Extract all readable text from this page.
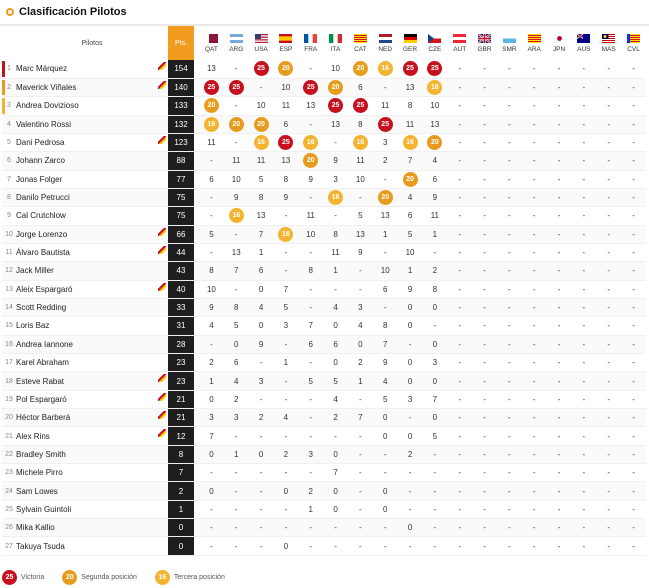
Clasificación Pilotos
	Pilotos	Pts.		QAT	ARG	USA	ESP	FRA	ITA	CAT	NED	GER	CZE	AUT	GBR	SMR	ARA	JPN	AUS	MAS	CVL

1	Marc Márquez	154		13	-	25	20	-	10	20	16	25	25	-	-	-	-	-	-	-	-
2	Maverick Viñales	140		25	25	-	10	25	20	6	-	13	16	-	-	-	-	-	-	-	-
3	Andrea Dovizioso	133		20	-	10	11	13	25	25	11	8	10	-	-	-	-	-	-	-	-
4	Valentino Rossi	132		16	20	20	6	-	13	8	25	11	13	-	-	-	-	-	-	-	-
5	Dani Pedrosa	123		11	-	16	25	16	-	16	3	16	20	-	-	-	-	-	-	-	-
6	Johann Zarco	88		-	11	11	13	20	9	11	2	7	4	-	-	-	-	-	-	-	-
7	Jonas Folger	77		6	10	5	8	9	3	10	-	20	6	-	-	-	-	-	-	-	-
8	Danilo Petrucci	75		-	9	8	9	-	16	-	20	4	9	-	-	-	-	-	-	-	-
9	Cal Crutchlow	75		-	16	13	-	11	-	5	13	6	11	-	-	-	-	-	-	-	-
10	Jorge Lorenzo	66		5	-	7	16	10	8	13	1	5	1	-	-	-	-	-	-	-	-
11	Álvaro Bautista	44		-	13	1	-	-	11	9	-	10	-	-	-	-	-	-	-	-	-
12	Jack Miller	43		8	7	6	-	8	1	-	10	1	2	-	-	-	-	-	-	-	-
13	Aleix Espargaró	40		10	-	0	7	-	-	-	6	9	8	-	-	-	-	-	-	-	-
14	Scott Redding	33		9	8	4	5	-	4	3	-	0	0	-	-	-	-	-	-	-	-
15	Loris Baz	31		4	5	0	3	7	0	4	8	0	-	-	-	-	-	-	-	-	-
16	Andrea Iannone	28		-	0	9	-	6	6	0	7	-	0	-	-	-	-	-	-	-	-
17	Karel Abraham	23		2	6	-	1	-	0	2	9	0	3	-	-	-	-	-	-	-	-
18	Esteve Rabat	23		1	4	3	-	5	5	1	4	0	0	-	-	-	-	-	-	-	-
19	Pol Espargaró	21		0	2	-	-	-	4	-	5	3	7	-	-	-	-	-	-	-	-
20	Héctor Barberá	21		3	3	2	4	-	2	7	0	-	0	-	-	-	-	-	-	-	-
21	Alex Rins	12		7	-	-	-	-	-	-	0	0	5	-	-	-	-	-	-	-	-
22	Bradley Smith	8		0	1	0	2	3	0	-	-	2	-	-	-	-	-	-	-	-	-
23	Michele Pirro	7		-	-	-	-	-	7	-	-	-	-	-	-	-	-	-	-	-	-
24	Sam Lowes	2		0	-	-	0	2	0	-	0	-	-	-	-	-	-	-	-	-	-
25	Sylvain Guintoli	1		-	-	-	-	1	0	-	0	-	-	-	-	-	-	-	-	-	-
26	Mika Kallio	0		-	-	-	-	-	-	-	-	0	-	-	-	-	-	-	-	-	-
27	Takuya Tsuda	0		-	-	-	0	-	-	-	-	-	-	-	-	-	-	-	-	-	-
25	Victoria	20	Segunda posición	16	Tercera posición
